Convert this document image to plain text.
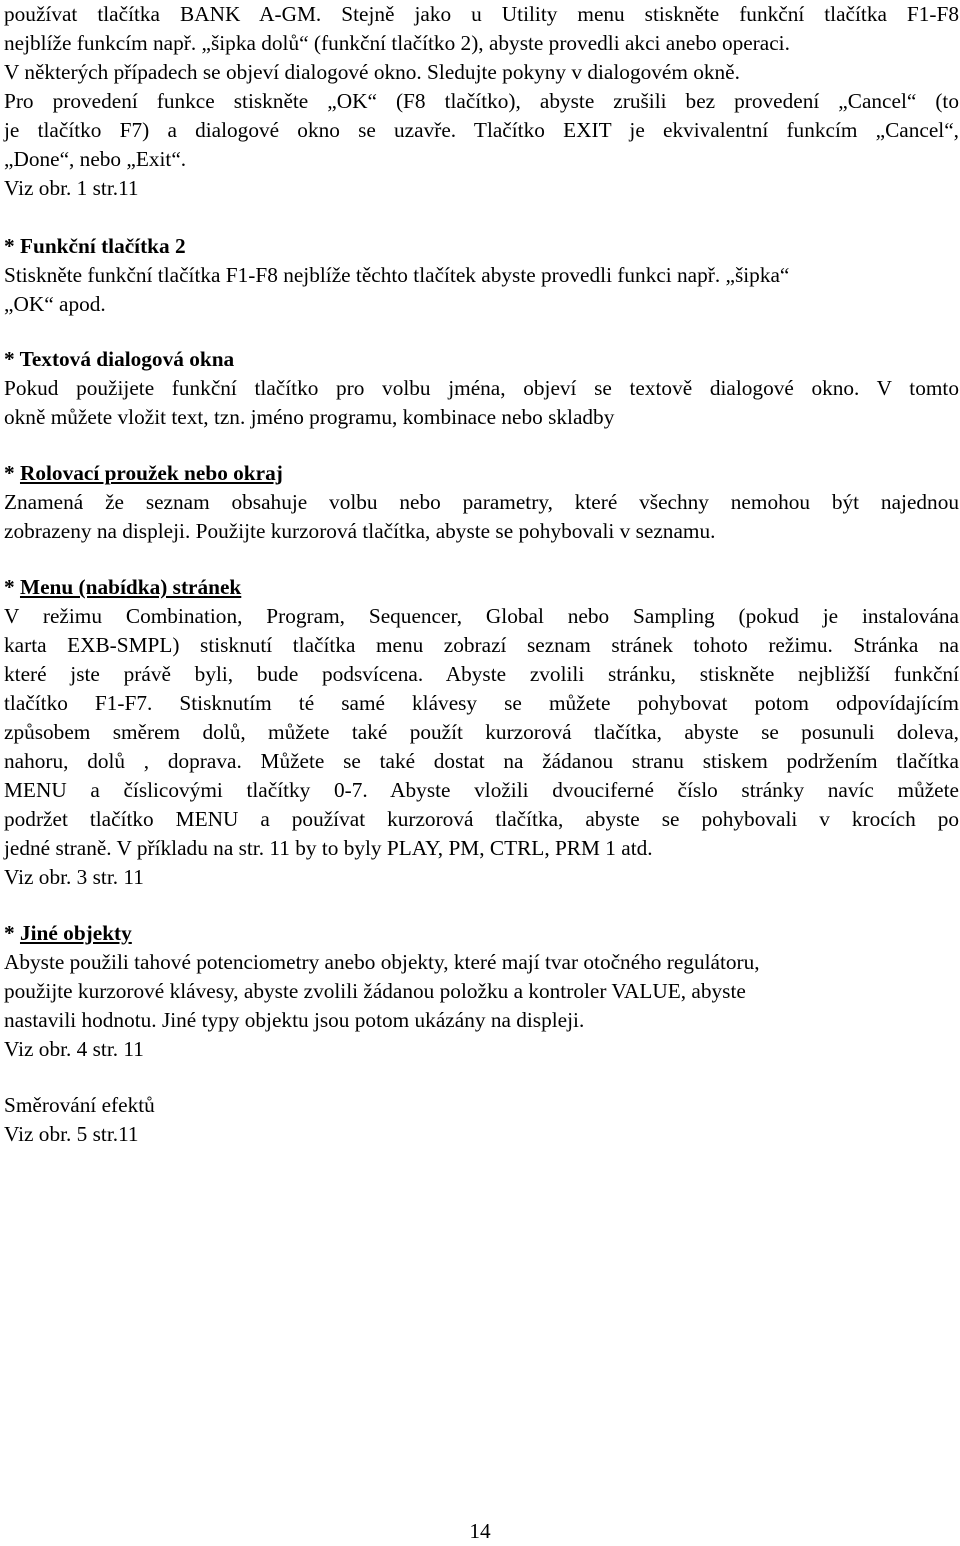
používat tlačítka BANK A-GM. Stejně jako u Utility menu stiskněte funkční tlačítka F1-F8
nejblíže funkcím např. „šipka dolů“ (funkční tlačítko 2), abyste provedli akci anebo operaci.
V některých případech se objeví dialogové okno. Sledujte pokyny v dialogovém okně.
Pro provedení funkce stiskněte „OK“ (F8 tlačítko), abyste zrušili bez provedení „Cancel“ (to
je tlačítko F7) a dialogové okno se uzavře. Tlačítko EXIT je ekvivalentní funkcím „Cancel“,
„Done“, nebo „Exit“.
Viz obr. 1 str.11

* Funkční tlačítka 2

Stiskněte funkční tlačítka F1-F8 nejblíže těchto tlačítek abyste provedli funkci např. „šipka“
„OK“ apod.

* Textová dialogová okna

Pokud použijete funkční tlačítko pro volbu jména, objeví se textově dialogové okno. V tomto
okně můžete vložit text, tzn. jméno programu, kombinace nebo skladby

* Rolovací proužek nebo okraj

Znamená že seznam obsahuje volbu nebo parametry, které všechny nemohou být najednou
zobrazeny na displeji. Použijte kurzorová tlačítka, abyste se pohybovali v seznamu.

* Menu (nabídka) stránek

V režimu Combination, Program, Sequencer, Global nebo Sampling (pokud je instalována
karta EXB-SMPL) stisknutí tlačítka menu zobrazí seznam stránek tohoto režimu. Stránka na
které jste právě byli, bude podsvícena. Abyste zvolili stránku, stiskněte nejbližší funkční
tlačítko F1-F7. Stisknutím té samé klávesy se můžete pohybovat potom odpovídajícím
způsobem směrem dolů, můžete také použít kurzorová tlačítka, abyste se posunuli doleva,
nahoru, dolů , doprava. Můžete se také dostat na žádanou stranu stiskem podržením tlačítka
MENU a číslicovými tlačítky 0-7. Abyste vložili dvouciferné číslo stránky navíc můžete
podržet tlačítko MENU a používat kurzorová tlačítka, abyste se pohybovali v krocích po
jedné straně. V příkladu na str. 11 by to byly PLAY, PM, CTRL, PRM 1 atd.
Viz obr. 3 str. 11

* Jiné objekty

Abyste použili tahové potenciometry anebo objekty, které mají tvar otočného regulátoru,
použijte kurzorové klávesy, abyste zvolili žádanou položku a kontroler VALUE, abyste
nastavili hodnotu. Jiné typy objektu jsou potom ukázány na displeji.
Viz obr. 4 str. 11

Směrování efektů
Viz obr. 5 str.11

14
